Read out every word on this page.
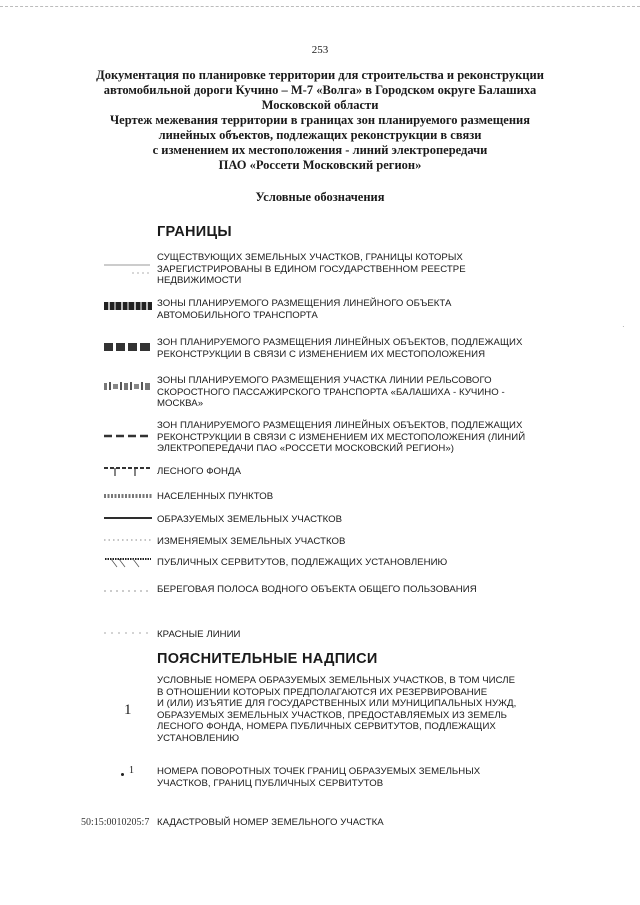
253
Документация по планировке территории для строительства и реконструкции
автомобильной дороги Кучино – М-7 «Волга» в Городском округе Балашиха
Московской области
Чертеж межевания территории в границах зон планируемого размещения
линейных объектов, подлежащих реконструкции в связи
с изменением их местоположения - линий электропередачи
ПАО «Россети Московский регион»
Условные обозначения
ГРАНИЦЫ
СУЩЕСТВУЮЩИХ ЗЕМЕЛЬНЫХ УЧАСТКОВ, ГРАНИЦЫ КОТОРЫХ
ЗАРЕГИСТРИРОВАНЫ В ЕДИНОМ ГОСУДАРСТВЕННОМ РЕЕСТРЕ
НЕДВИЖИМОСТИ
ЗОНЫ ПЛАНИРУЕМОГО РАЗМЕЩЕНИЯ ЛИНЕЙНОГО ОБЪЕКТА
АВТОМОБИЛЬНОГО ТРАНСПОРТА
ЗОН ПЛАНИРУЕМОГО РАЗМЕЩЕНИЯ ЛИНЕЙНЫХ ОБЪЕКТОВ, ПОДЛЕЖАЩИХ
РЕКОНСТРУКЦИИ В СВЯЗИ С ИЗМЕНЕНИЕМ ИХ МЕСТОПОЛОЖЕНИЯ
ЗОНЫ ПЛАНИРУЕМОГО РАЗМЕЩЕНИЯ УЧАСТКА ЛИНИИ РЕЛЬСОВОГО
СКОРОСТНОГО ПАССАЖИРСКОГО ТРАНСПОРТА «БАЛАШИХА - КУЧИНО -
МОСКВА»
ЗОН ПЛАНИРУЕМОГО РАЗМЕЩЕНИЯ ЛИНЕЙНЫХ ОБЪЕКТОВ, ПОДЛЕЖАЩИХ
РЕКОНСТРУКЦИИ В СВЯЗИ С ИЗМЕНЕНИЕМ ИХ МЕСТОПОЛОЖЕНИЯ (ЛИНИЙ
ЭЛЕКТРОПЕРЕДАЧИ ПАО «РОССЕТИ МОСКОВСКИЙ РЕГИОН»)
ЛЕСНОГО ФОНДА
НАСЕЛЕННЫХ ПУНКТОВ
ОБРАЗУЕМЫХ ЗЕМЕЛЬНЫХ УЧАСТКОВ
ИЗМЕНЯЕМЫХ ЗЕМЕЛЬНЫХ УЧАСТКОВ
ПУБЛИЧНЫХ СЕРВИТУТОВ, ПОДЛЕЖАЩИХ УСТАНОВЛЕНИЮ
БЕРЕГОВАЯ ПОЛОСА ВОДНОГО ОБЪЕКТА ОБЩЕГО ПОЛЬЗОВАНИЯ
КРАСНЫЕ ЛИНИИ
ПОЯСНИТЕЛЬНЫЕ НАДПИСИ
1
УСЛОВНЫЕ НОМЕРА ОБРАЗУЕМЫХ ЗЕМЕЛЬНЫХ УЧАСТКОВ, В ТОМ ЧИСЛЕ
В ОТНОШЕНИИ КОТОРЫХ ПРЕДПОЛАГАЮТСЯ ИХ РЕЗЕРВИРОВАНИЕ
И (ИЛИ) ИЗЪЯТИЕ ДЛЯ ГОСУДАРСТВЕННЫХ ИЛИ МУНИЦИПАЛЬНЫХ НУЖД,
ОБРАЗУЕМЫХ ЗЕМЕЛЬНЫХ УЧАСТКОВ, ПРЕДОСТАВЛЯЕМЫХ ИЗ ЗЕМЕЛЬ
ЛЕСНОГО ФОНДА, НОМЕРА ПУБЛИЧНЫХ СЕРВИТУТОВ, ПОДЛЕЖАЩИХ
УСТАНОВЛЕНИЮ
1 НОМЕРА ПОВОРОТНЫХ ТОЧЕК ГРАНИЦ ОБРАЗУЕМЫХ ЗЕМЕЛЬНЫХ
УЧАСТКОВ, ГРАНИЦ ПУБЛИЧНЫХ СЕРВИТУТОВ
50:15:0010205:7 КАДАСТРОВЫЙ НОМЕР ЗЕМЕЛЬНОГО УЧАСТКА
·
